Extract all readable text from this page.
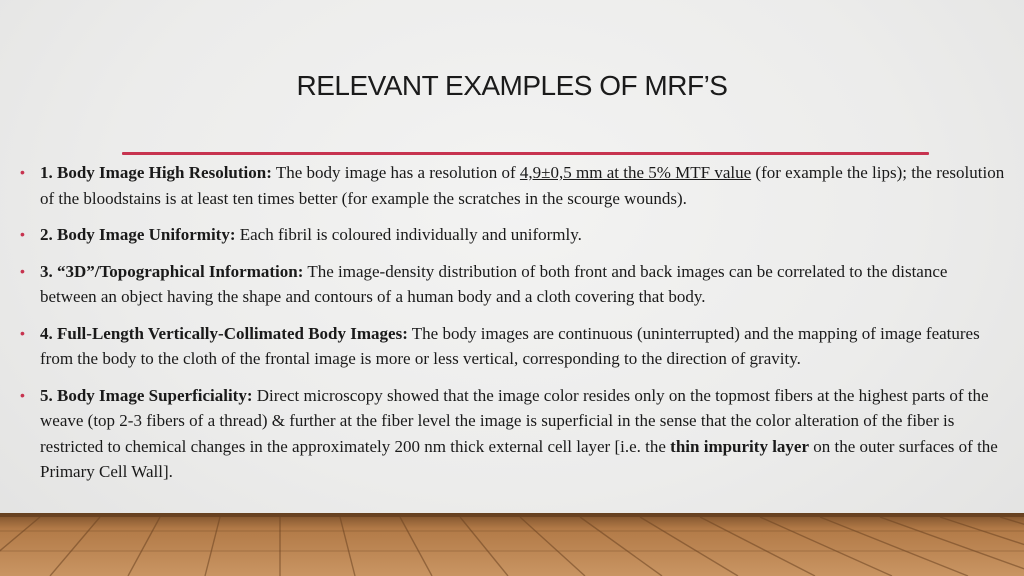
RELEVANT EXAMPLES OF MRF’S
• 1. Body Image High Resolution: The body image has a resolution of 4,9±0,5 mm at the 5% MTF value (for example the lips); the resolution of the bloodstains is at least ten times better (for example the scratches in the scourge wounds).
• 2. Body Image Uniformity: Each fibril is coloured individually and uniformly.
• 3. “3D”/Topographical Information: The image-density distribution of both front and back images can be correlated to the distance between an object having the shape and contours of a human body and a cloth covering that body.
• 4. Full-Length Vertically-Collimated Body Images: The body images are continuous (uninterrupted) and the mapping of image features from the body to the cloth of the frontal image is more or less vertical, corresponding to the direction of gravity.
• 5. Body Image Superficiality: Direct microscopy showed that the image color resides only on the topmost fibers at the highest parts of the weave (top 2-3 fibers of a thread) & further at the fiber level the image is superficial in the sense that the color alteration of the fiber is restricted to chemical changes in the approximately 200 nm thick external cell layer [i.e. the thin impurity layer on the outer surfaces of the Primary Cell Wall].
